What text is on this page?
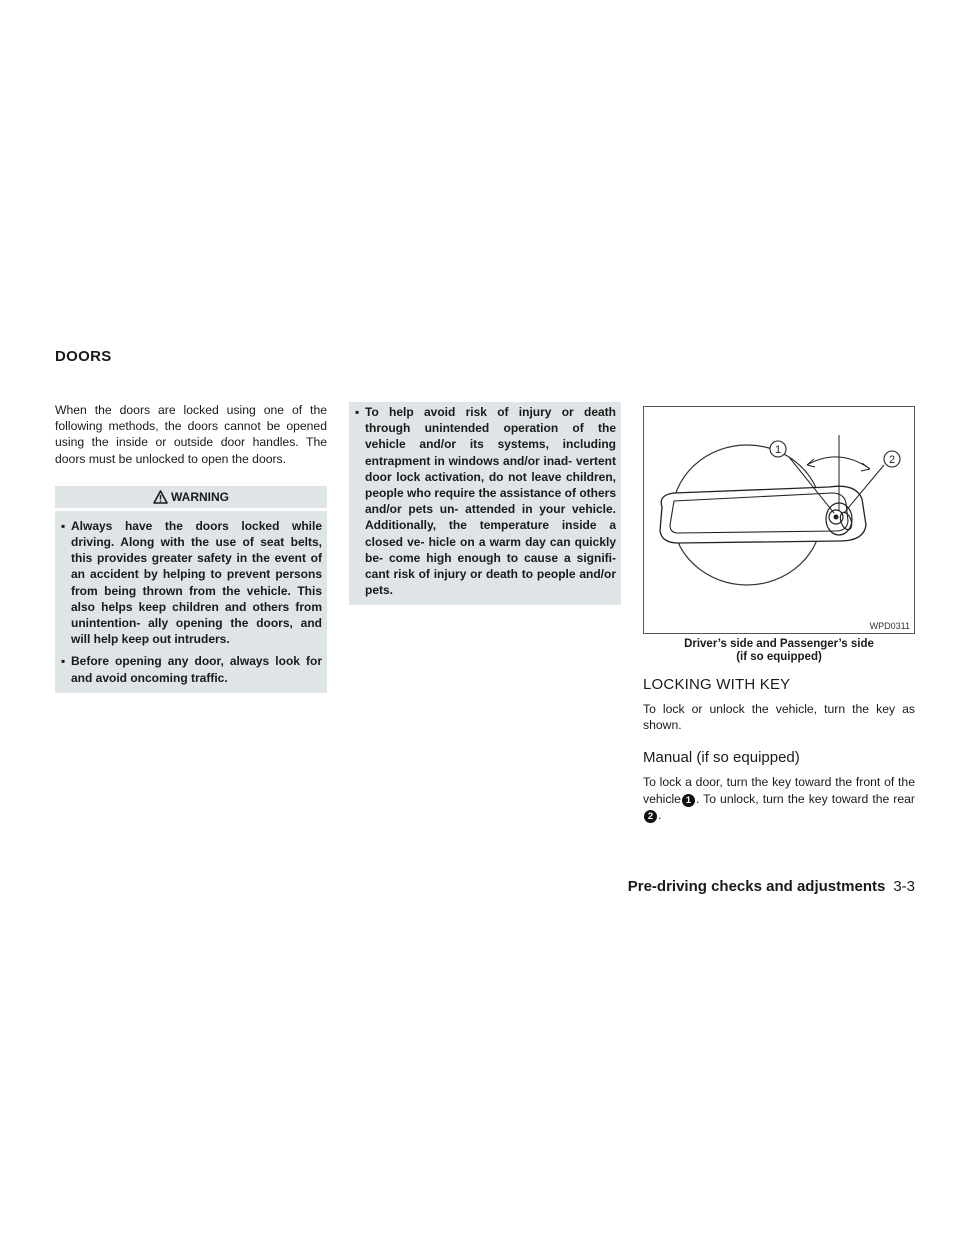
DOORS

When the doors are locked using one of the following methods, the doors cannot be opened using the inside or outside door handles. The doors must be unlocked to open the doors.

WARNING
▪ Always have the doors locked while driving. Along with the use of seat belts, this provides greater safety in the event of an accident by helping to prevent persons from being thrown from the vehicle. This also helps keep children and others from unintention- ally opening the doors, and will help keep out intruders.
▪ Before opening any door, always look for and avoid oncoming traffic.
▪ To help avoid risk of injury or death through unintended operation of the vehicle and/or its systems, including entrapment in windows and/or inad- vertent door lock activation, do not leave children, people who require the assistance of others and/or pets un- attended in your vehicle. Additionally, the temperature inside a closed ve- hicle on a warm day can quickly be- come high enough to cause a signifi- cant risk of injury or death to people and/or pets.
1
2
WPD0311
Driver’s side and Passenger’s side
(if so equipped)
LOCKING WITH KEY

To lock or unlock the vehicle, turn the key as shown.

Manual (if so equipped)

To lock a door, turn the key toward the front of the vehicle 1 . To unlock, turn the key toward the rear2 .

Pre-driving checks and adjustments 3-3
